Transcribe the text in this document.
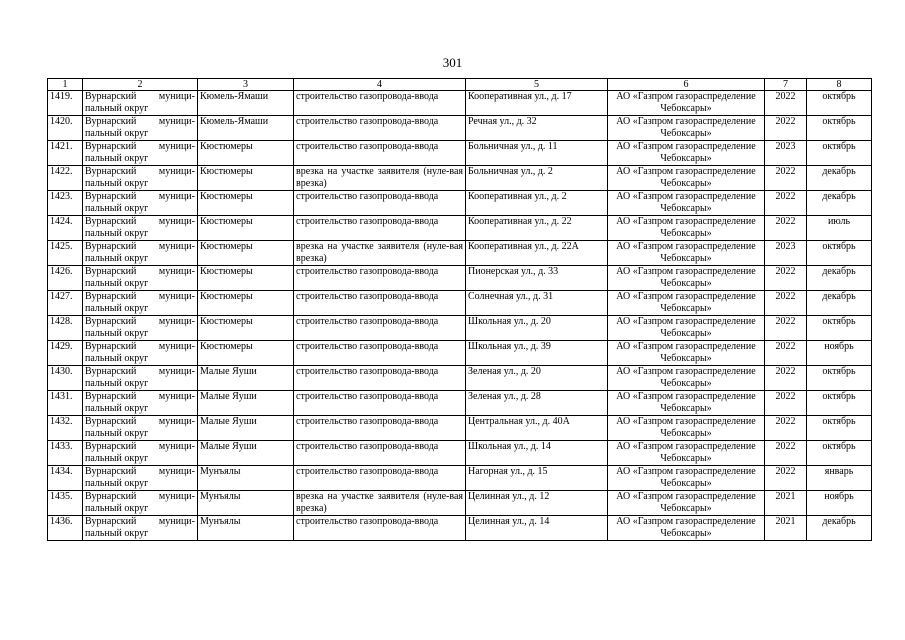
301
1	2	3	4	5	6	7	8
1419.	Вурнарский муници-пальный округ	Кюмель-Ямаши	строительство газопровода-ввода	Кооперативная ул., д. 17	АО «Газпром газораспределение Чебоксары»	2022	октябрь
1420.	Вурнарский муници-пальный округ	Кюмель-Ямаши	строительство газопровода-ввода	Речная ул., д. 32	АО «Газпром газораспределение Чебоксары»	2022	октябрь
1421.	Вурнарский муници-пальный округ	Кюстюмеры	строительство газопровода-ввода	Больничная ул., д. 11	АО «Газпром газораспределение Чебоксары»	2023	октябрь
1422.	Вурнарский муници-пальный округ	Кюстюмеры	врезка на участке заявителя (нуле-вая врезка)	Больничная ул., д. 2	АО «Газпром газораспределение Чебоксары»	2022	декабрь
1423.	Вурнарский муници-пальный округ	Кюстюмеры	строительство газопровода-ввода	Кооперативная ул., д. 2	АО «Газпром газораспределение Чебоксары»	2022	декабрь
1424.	Вурнарский муници-пальный округ	Кюстюмеры	строительство газопровода-ввода	Кооперативная ул., д. 22	АО «Газпром газораспределение Чебоксары»	2022	июль
1425.	Вурнарский муници-пальный округ	Кюстюмеры	врезка на участке заявителя (нуле-вая врезка)	Кооперативная ул., д. 22А	АО «Газпром газораспределение Чебоксары»	2023	октябрь
1426.	Вурнарский муници-пальный округ	Кюстюмеры	строительство газопровода-ввода	Пионерская ул., д. 33	АО «Газпром газораспределение Чебоксары»	2022	декабрь
1427.	Вурнарский муници-пальный округ	Кюстюмеры	строительство газопровода-ввода	Солнечная ул., д. 31	АО «Газпром газораспределение Чебоксары»	2022	декабрь
1428.	Вурнарский муници-пальный округ	Кюстюмеры	строительство газопровода-ввода	Школьная ул., д. 20	АО «Газпром газораспределение Чебоксары»	2022	октябрь
1429.	Вурнарский муници-пальный округ	Кюстюмеры	строительство газопровода-ввода	Школьная ул., д. 39	АО «Газпром газораспределение Чебоксары»	2022	ноябрь
1430.	Вурнарский муници-пальный округ	Малые Яуши	строительство газопровода-ввода	Зеленая ул., д. 20	АО «Газпром газораспределение Чебоксары»	2022	октябрь
1431.	Вурнарский муници-пальный округ	Малые Яуши	строительство газопровода-ввода	Зеленая ул., д. 28	АО «Газпром газораспределение Чебоксары»	2022	октябрь
1432.	Вурнарский муници-пальный округ	Малые Яуши	строительство газопровода-ввода	Центральная ул., д. 40А	АО «Газпром газораспределение Чебоксары»	2022	октябрь
1433.	Вурнарский муници-пальный округ	Малые Яуши	строительство газопровода-ввода	Школьная ул., д. 14	АО «Газпром газораспределение Чебоксары»	2022	октябрь
1434.	Вурнарский муници-пальный округ	Мунъялы	строительство газопровода-ввода	Нагорная ул., д. 15	АО «Газпром газораспределение Чебоксары»	2022	январь
1435.	Вурнарский муници-пальный округ	Мунъялы	врезка на участке заявителя (нуле-вая врезка)	Целинная ул., д. 12	АО «Газпром газораспределение Чебоксары»	2021	ноябрь
1436.	Вурнарский муници-пальный округ	Мунъялы	строительство газопровода-ввода	Целинная ул., д. 14	АО «Газпром газораспределение Чебоксары»	2021	декабрь
